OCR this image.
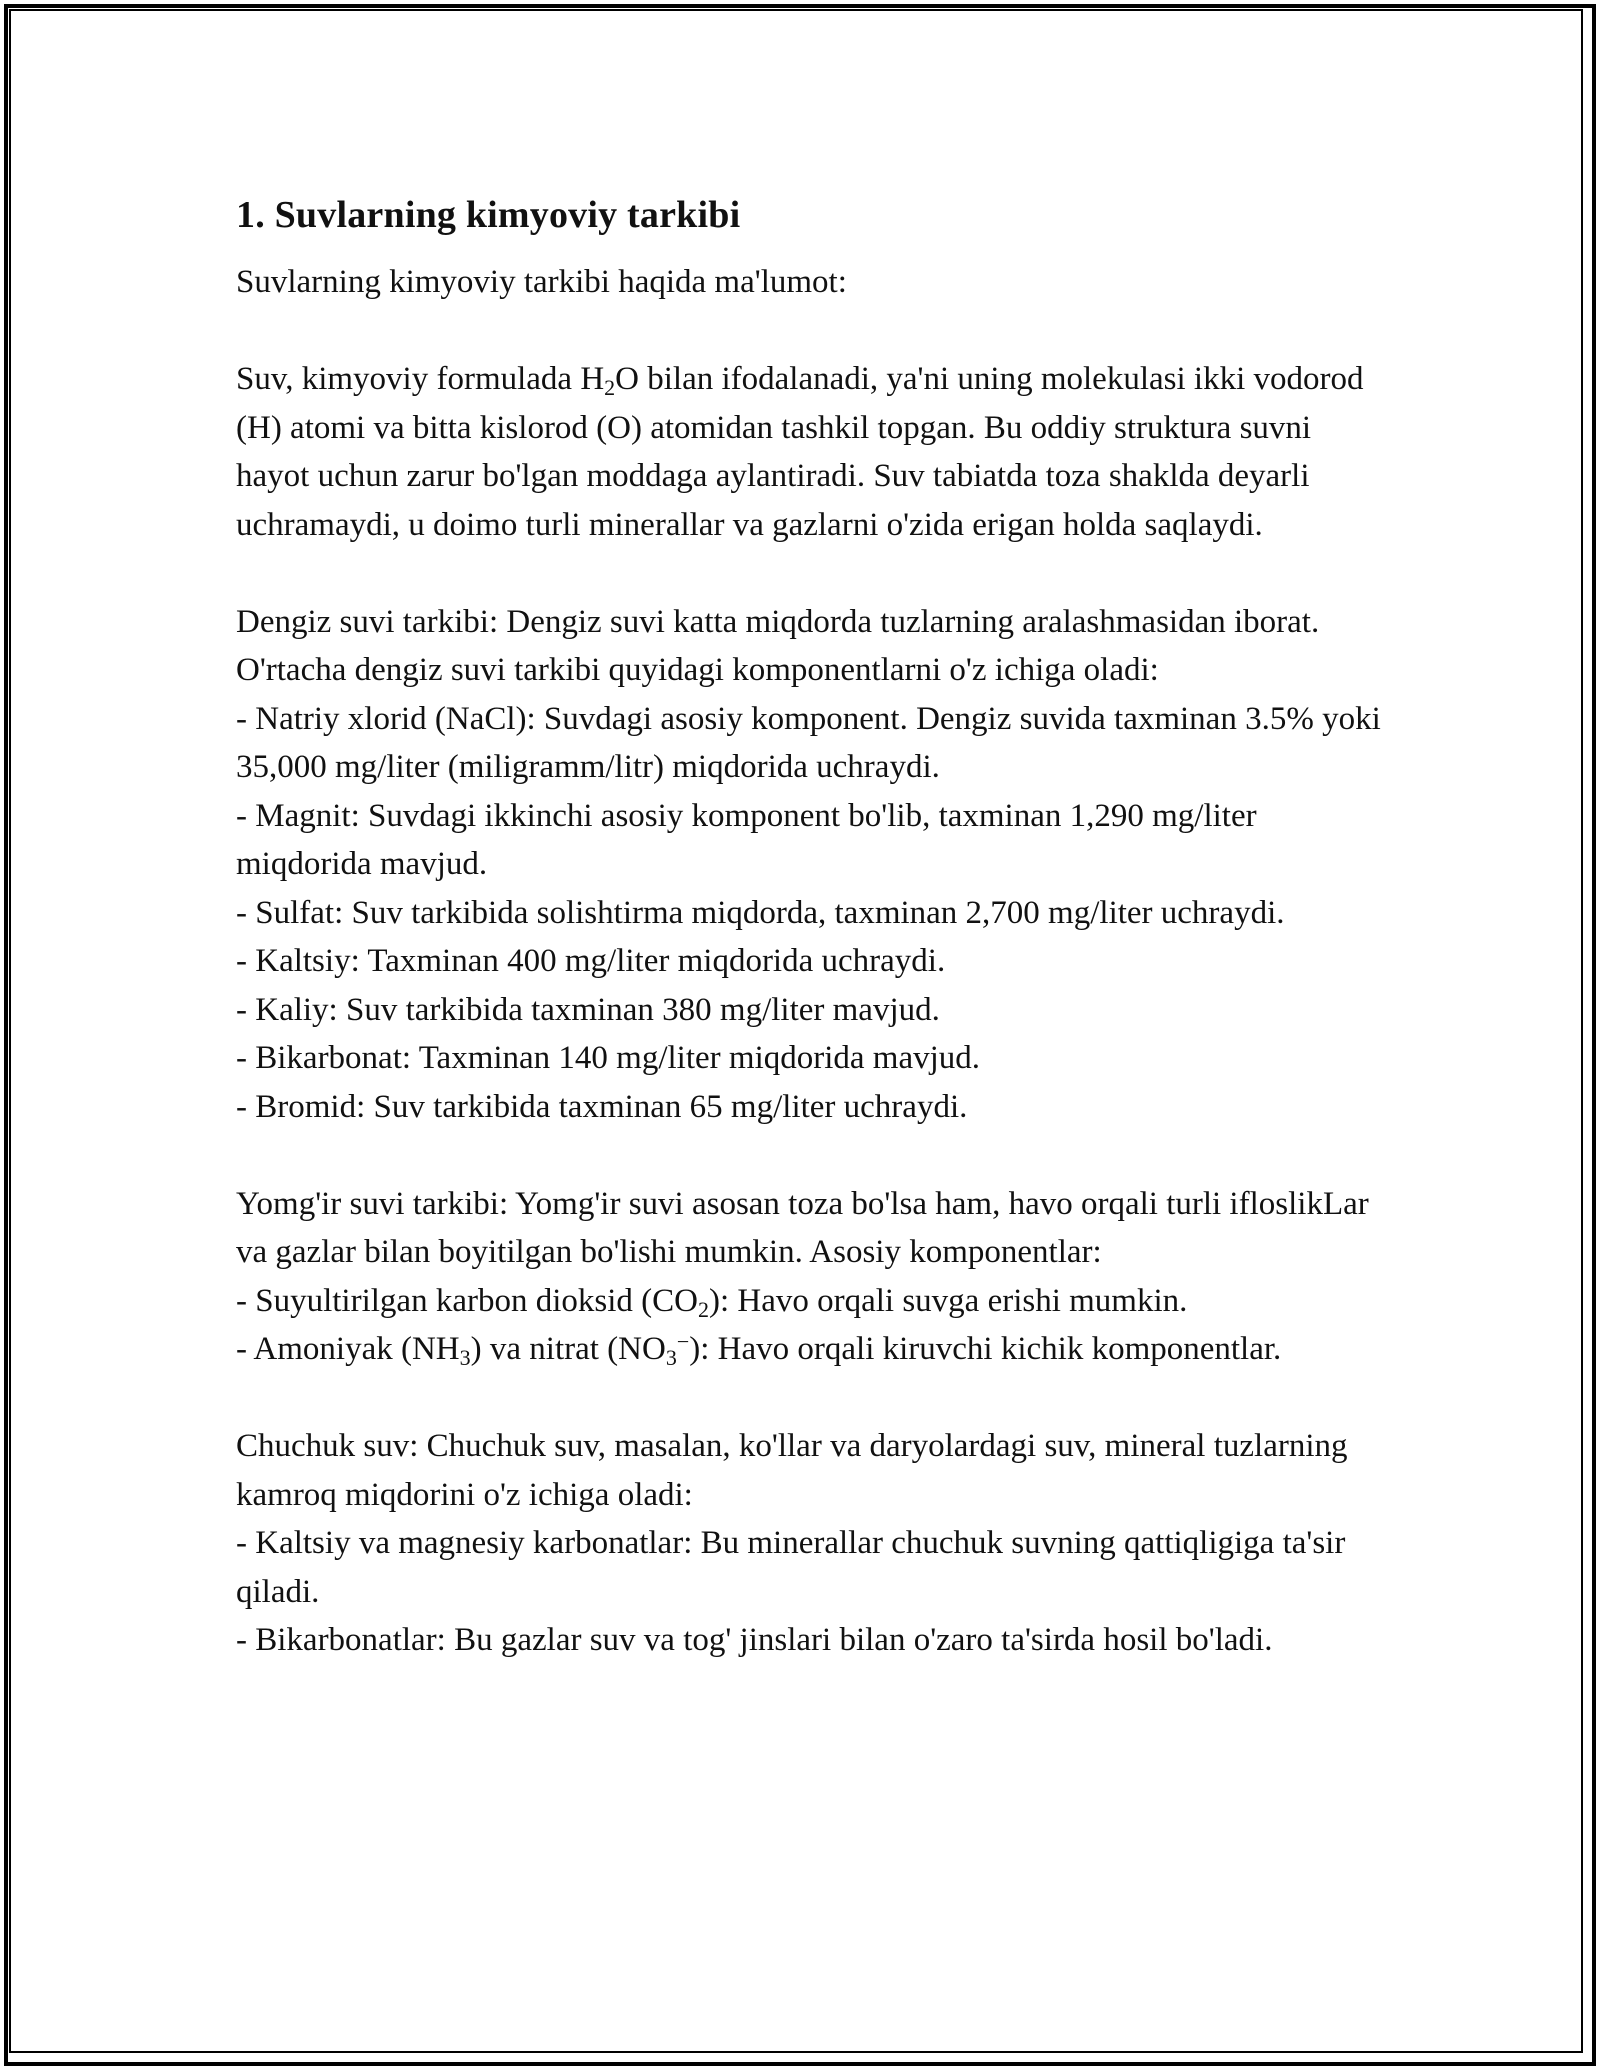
1. Suvlarning kimyoviy tarkibi
Suvlarning kimyoviy tarkibi haqida ma'lumot:
Suv, kimyoviy formulada $H_2O$ bilan ifodalanadi, ya'ni uning molekulasi ikki vodorod (H) atomi va bitta kislorod (O) atomidan tashkil topgan. Bu oddiy struktura suvni hayot uchun zarur bo'lgan moddaga aylantiradi. Suv tabiatda toza shaklda deyarli uchramaydi, u doimo turli minerallar va gazlarni o'zida erigan holda saqlaydi.
Dengiz suvi tarkibi: Dengiz suvi katta miqdorda tuzlarning aralashmasidan iborat. O'rtacha dengiz suvi tarkibi quyidagi komponentlarni o'z ichiga oladi:
- Natriy xlorid (NaCl): Suvdagi asosiy komponent. Dengiz suvida taxminan 3.5% yoki 35,000 mg/liter (miligramm/litr) miqdorida uchraydi.
- Magnit: Suvdagi ikkinchi asosiy komponent bo'lib, taxminan 1,290 mg/liter miqdorida mavjud.
- Sulfat: Suv tarkibida solishtirma miqdorda, taxminan 2,700 mg/liter uchraydi.
- Kaltsiy: Taxminan 400 mg/liter miqdorida uchraydi.
- Kaliy: Suv tarkibida taxminan 380 mg/liter mavjud.
- Bikarbonat: Taxminan 140 mg/liter miqdorida mavjud.
- Bromid: Suv tarkibida taxminan 65 mg/liter uchraydi.
Yomg'ir suvi tarkibi: Yomg'ir suvi asosan toza bo'lsa ham, havo orqali turli ifloslikLar va gazlar bilan boyitilgan bo'lishi mumkin. Asosiy komponentlar:
- Suyultirilgan karbon dioksid $(CO_2)$: Havo orqali suvga erishi mumkin.
- Amoniyak $(NH_3)$ va nitrat $(NO_3^-)$: Havo orqali kiruvchi kichik komponentlar.
Chuchuk suv: Chuchuk suv, masalan, ko'llar va daryolardagi suv, mineral tuzlarning kamroq miqdorini o'z ichiga oladi:
- Kaltsiy va magnesiy karbonatlar: Bu minerallar chuchuk suvning qattiqligiga ta'sir qiladi.
- Bikarbonatlar: Bu gazlar suv va tog' jinslari bilan o'zaro ta'sirda hosil bo'ladi.
